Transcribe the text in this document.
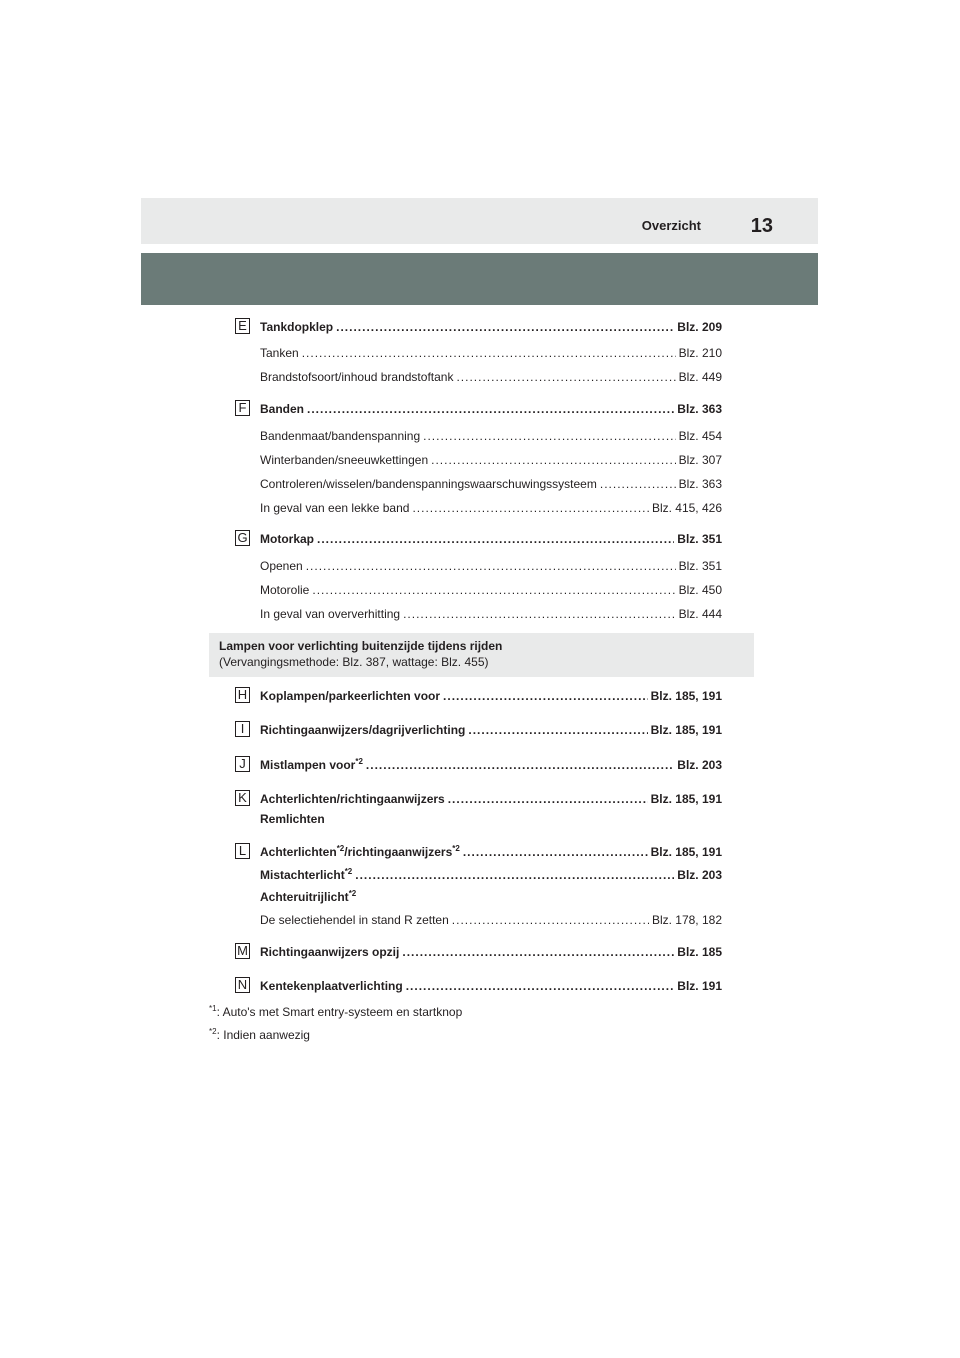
Overzicht 13
E Tankdopklep .....	Blz. 209
Tanken .....	Blz. 210
Brandstofsoort/inhoud brandstoftank .....	Blz. 449
F Banden .....	Blz. 363
Bandenmaat/bandenspanning .....	Blz. 454
Winterbanden/sneeuwkettingen .....	Blz. 307
Controleren/wisselen/bandenspanningswaarschuwingssysteem .....	Blz. 363
In geval van een lekke band .....	Blz. 415, 426
G Motorkap .....	Blz. 351
Openen .....	Blz. 351
Motorolie .....	Blz. 450
In geval van oververhitting .....	Blz. 444
Lampen voor verlichting buitenzijde tijdens rijden
(Vervangingsmethode: Blz. 387, wattage: Blz. 455)
H Koplampen/parkeerlichten voor .....	Blz. 185, 191
I	Richtingaanwijzers/dagrijverlichting .....	Blz. 185, 191
J	Mistlampen voor$^{*2}$ .....	Blz. 203
K Achterlichten/richtingaanwijzers .....	Blz. 185, 191
Remlichten
L	Achterlichten$^{*2}$/richtingaanwijzers$^{*2}$ .....	Blz. 185, 191
Mistachterlicht$^{*2}$ .....	Blz. 203
Achteruitrijlicht$^{*2}$
De selectiehendel in stand R zetten .....	Blz. 178, 182
M Richtingaanwijzers opzij .....	Blz. 185
N Kentekenplaatverlichting .....	Blz. 191
$^{*1}$: Auto's met Smart entry-systeem en startknop
$^{*2}$: Indien aanwezig
